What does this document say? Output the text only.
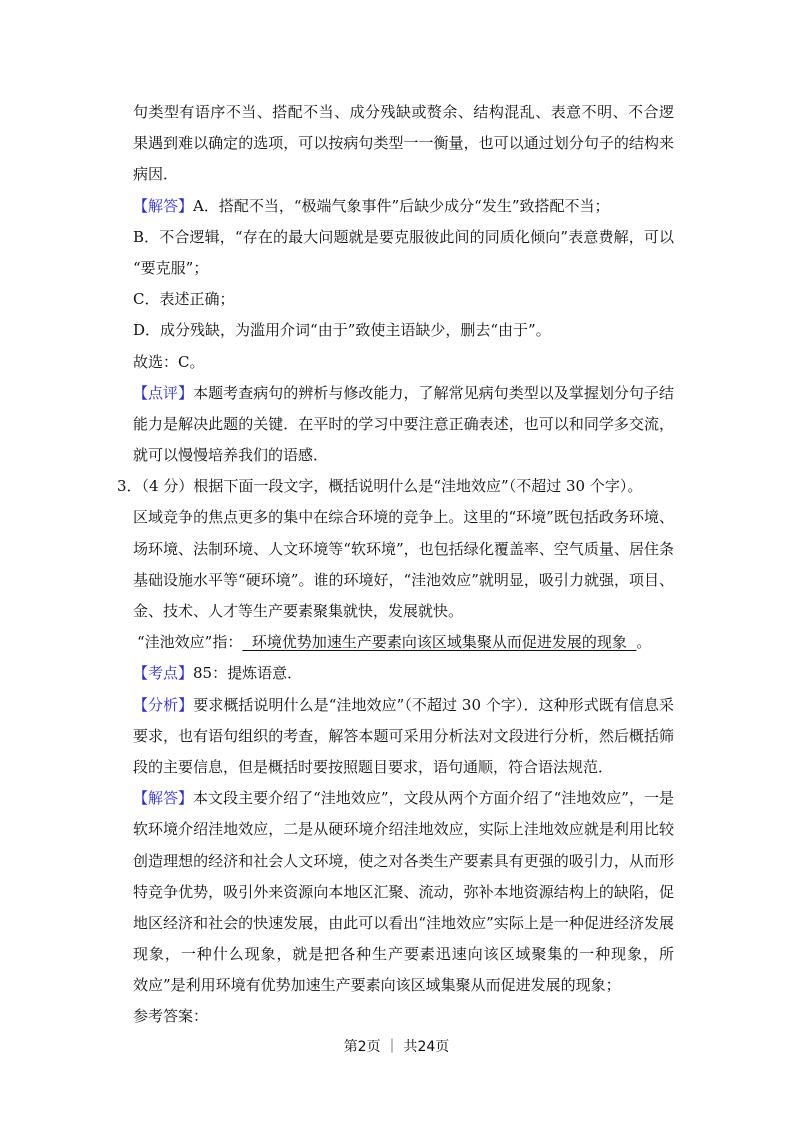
句类型有语序不当、搭配不当、成分残缺或赘余、结构混乱、表意不明、不合逻
果遇到难以确定的选项，可以按病句类型一一衡量，也可以通过划分句子的结构来
病因．
【解答】A．搭配不当，“极端气象事件”后缺少成分“发生”致搭配不当；
B．不合逻辑，“存在的最大问题就是要克服彼此间的同质化倾向”表意费解，可以
“要克服”；
C．表述正确；
D．成分残缺，为滥用介词“由于”致使主语缺少，删去“由于”。
故选：C。
【点评】本题考查病句的辨析与修改能力，了解常见病句类型以及掌握划分句子结
能力是解决此题的关键．在平时的学习中要注意正确表述，也可以和同学多交流，
就可以慢慢培养我们的语感．
3．（4 分）根据下面一段文字，概括说明什么是“洼地效应”（不超过 30 个字）。
区域竞争的焦点更多的集中在综合环境的竞争上。这里的“环境”既包括政务环境、
场环境、法制环境、人文环境等“软环境”，也包括绿化覆盖率、空气质量、居住条
基础设施水平等“硬环境”。谁的环境好，“洼池效应”就明显，吸引力就强，项目、
金、技术、人才等生产要素聚集就快，发展就快。
“洼池效应”指：  环境优势加速生产要素向该区域集聚从而促进发展的现象  。
【考点】85：提炼语意．
【分析】要求概括说明什么是“洼地效应”（不超过 30 个字）．这种形式既有信息采
要求，也有语句组织的考查，解答本题可采用分析法对文段进行分析，然后概括筛
段的主要信息，但是概括时要按照题目要求，语句通顺，符合语法规范．
【解答】本文段主要介绍了“洼地效应”，文段从两个方面介绍了“洼地效应”，一是
软环境介绍洼地效应，二是从硬环境介绍洼地效应，实际上洼地效应就是利用比较
创造理想的经济和社会人文环境，使之对各类生产要素具有更强的吸引力，从而形
特竞争优势，吸引外来资源向本地区汇聚、流动，弥补本地资源结构上的缺陷，促
地区经济和社会的快速发展，由此可以看出“洼地效应”实际上是一种促进经济发展
现象，一种什么现象，就是把各种生产要素迅速向该区域聚集的一种现象，所
效应”是利用环境有优势加速生产要素向该区域集聚从而促进发展的现象；
参考答案：
第2页 ｜ 共24页
